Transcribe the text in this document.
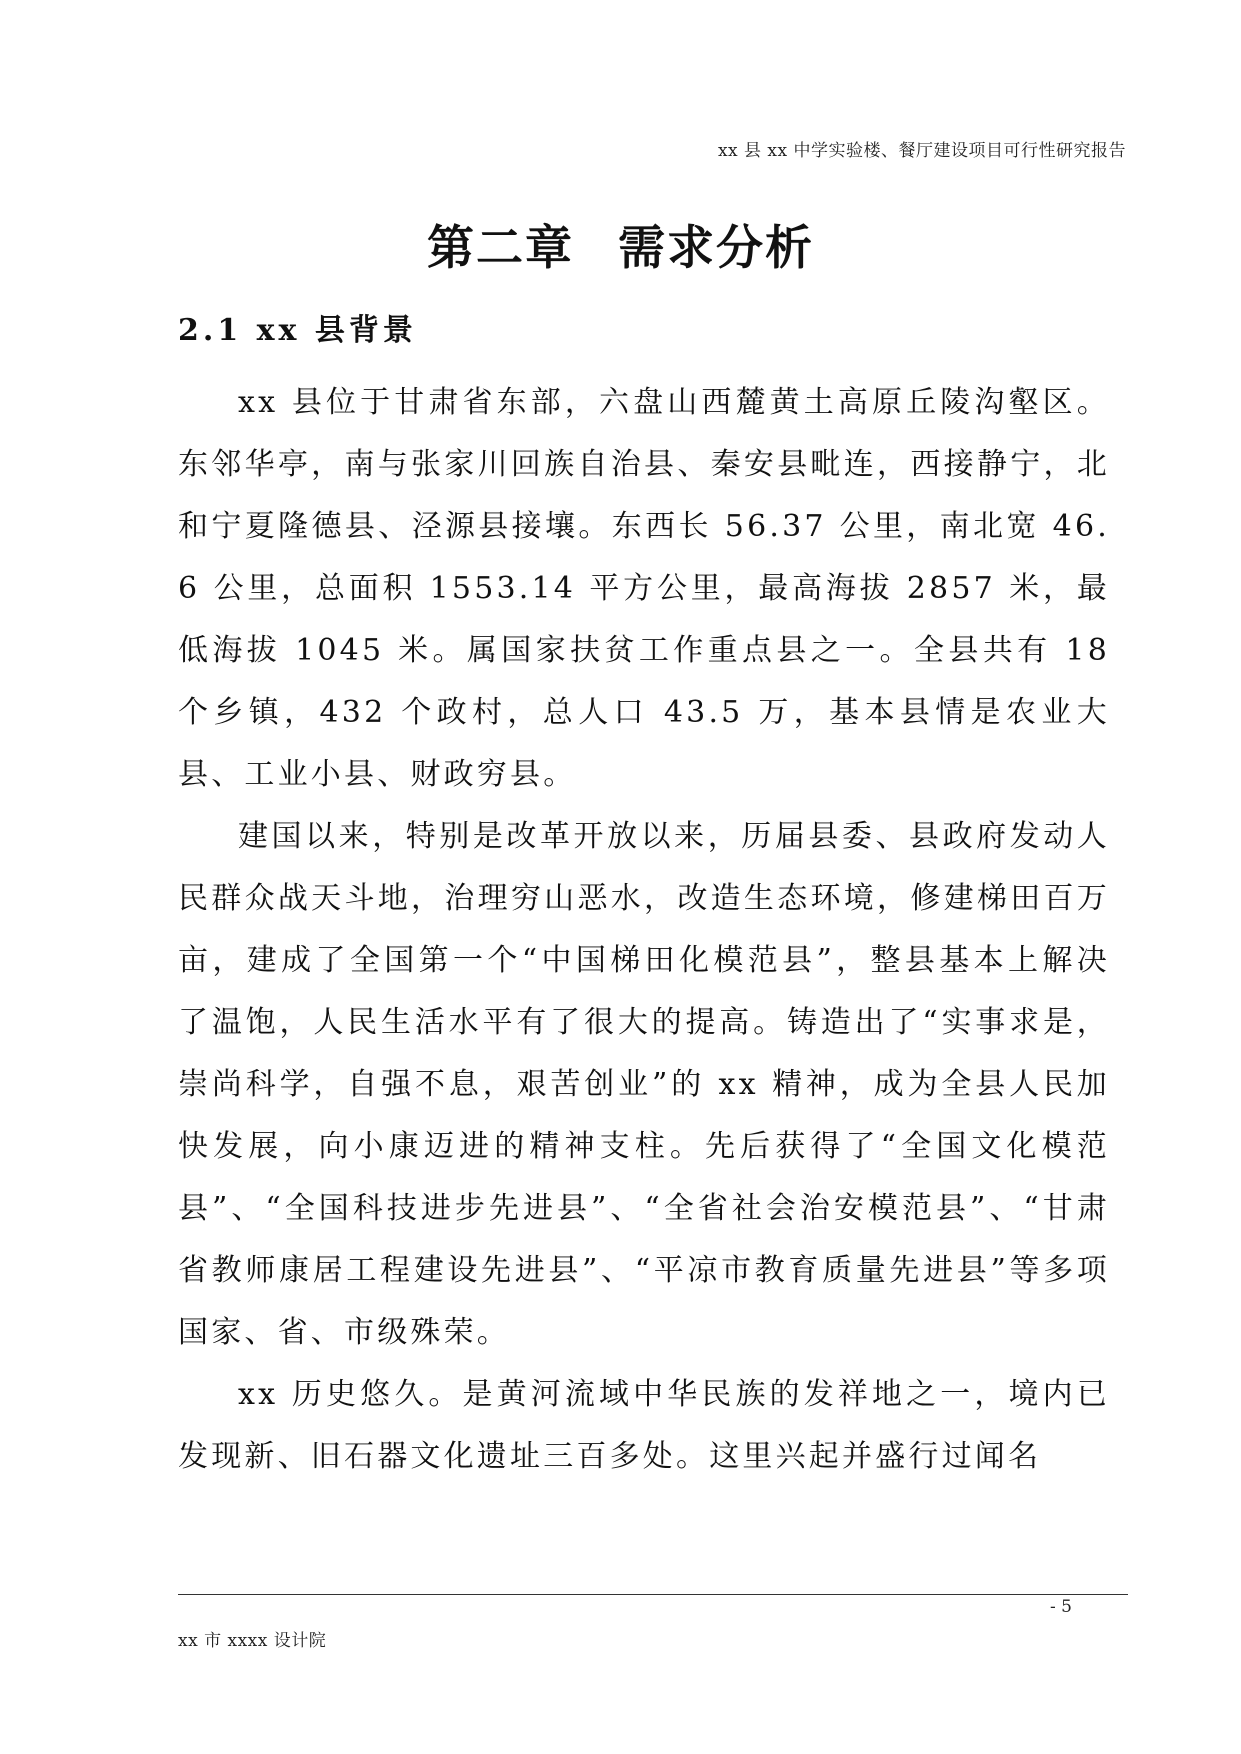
xx 县 xx 中学实验楼、餐厅建设项目可行性研究报告
第二章 需求分析
2.1 xx 县背景

xx 县位于甘肃省东部，六盘山西麓黄土高原丘陵沟壑区。东邻华亭，南与张家川回族自治县、秦安县毗连，西接静宁，北和宁夏隆德县、泾源县接壤。东西长 56.37 公里，南北宽 46.6 公里，总面积 1553.14 平方公里，最高海拔 2857 米，最低海拔 1045 米。属国家扶贫工作重点县之一。全县共有 18 个乡镇，432 个政村，总人口 43.5 万，基本县情是农业大县、工业小县、财政穷县。

建国以来，特别是改革开放以来，历届县委、县政府发动人民群众战天斗地，治理穷山恶水，改造生态环境，修建梯田百万亩，建成了全国第一个“中国梯田化模范县”，整县基本上解决了温饱，人民生活水平有了很大的提高。铸造出了“实事求是，崇尚科学，自强不息，艰苦创业”的 xx 精神，成为全县人民加快发展，向小康迈进的精神支柱。先后获得了“全国文化模范县”、“全国科技进步先进县”、“全省社会治安模范县”、“甘肃省教师康居工程建设先进县”、“平凉市教育质量先进县”等多项国家、省、市级殊荣。

xx 历史悠久。是黄河流域中华民族的发祥地之一，境内已发现新、旧石器文化遗址三百多处。这里兴起并盛行过闻名

- 5
xx 市 xxxx 设计院
